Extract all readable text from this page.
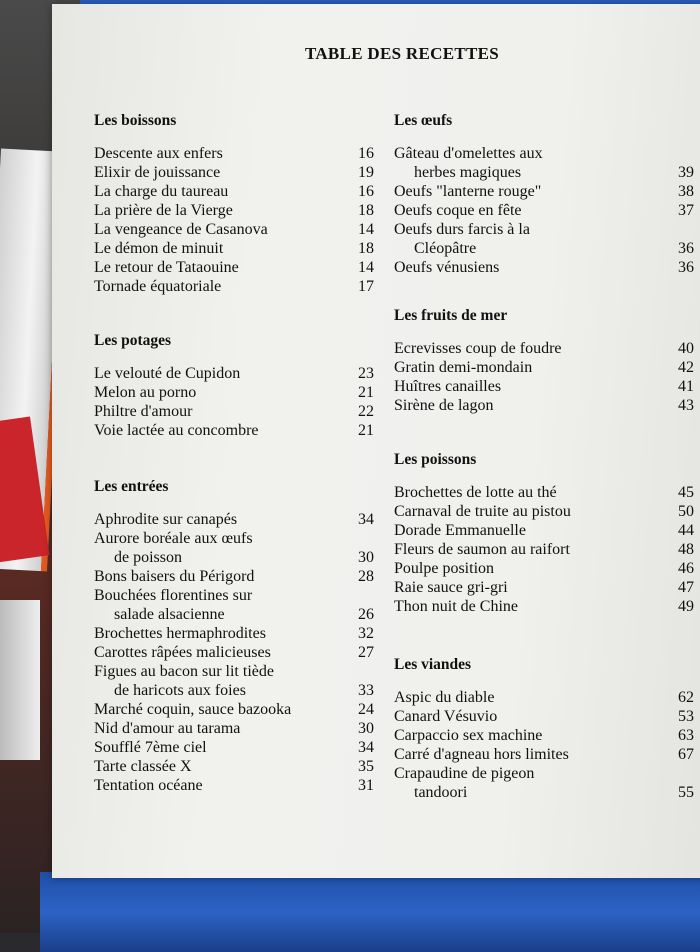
TABLE DES RECETTES
Les boissons
Descente aux enfers	16
Elixir de jouissance	19
La charge du taureau	16
La prière de la Vierge	18
La vengeance de Casanova	14
Le démon de minuit	18
Le retour de Tataouine	14
Tornade équatoriale	17
Les potages
Le velouté de Cupidon	23
Melon au porno	21
Philtre d'amour	22
Voie lactée au concombre	21
Les entrées
Aphrodite sur canapés	34
Aurore boréale aux œufs
de poisson	30
Bons baisers du Périgord	28
Bouchées florentines sur
salade alsacienne	26
Brochettes hermaphrodites	32
Carottes râpées malicieuses	27
Figues au bacon sur lit tiède
de haricots aux foies	33
Marché coquin, sauce bazooka	24
Nid d'amour au tarama	30
Soufflé 7ème ciel	34
Tarte classée X	35
Tentation océane	31
Les œufs
Gâteau d'omelettes aux
herbes magiques	39
Oeufs "lanterne rouge"	38
Oeufs coque en fête	37
Oeufs durs farcis à la
Cléopâtre	36
Oeufs vénusiens	36
Les fruits de mer
Ecrevisses coup de foudre	40
Gratin demi-mondain	42
Huîtres canailles	41
Sirène de lagon	43
Les poissons
Brochettes de lotte au thé	45
Carnaval de truite au pistou	50
Dorade Emmanuelle	44
Fleurs de saumon au raifort	48
Poulpe position	46
Raie sauce gri-gri	47
Thon nuit de Chine	49
Les viandes
Aspic du diable	62
Canard Vésuvio	53
Carpaccio sex machine	63
Carré d'agneau hors limites	67
Crapaudine de pigeon
tandoori	55
